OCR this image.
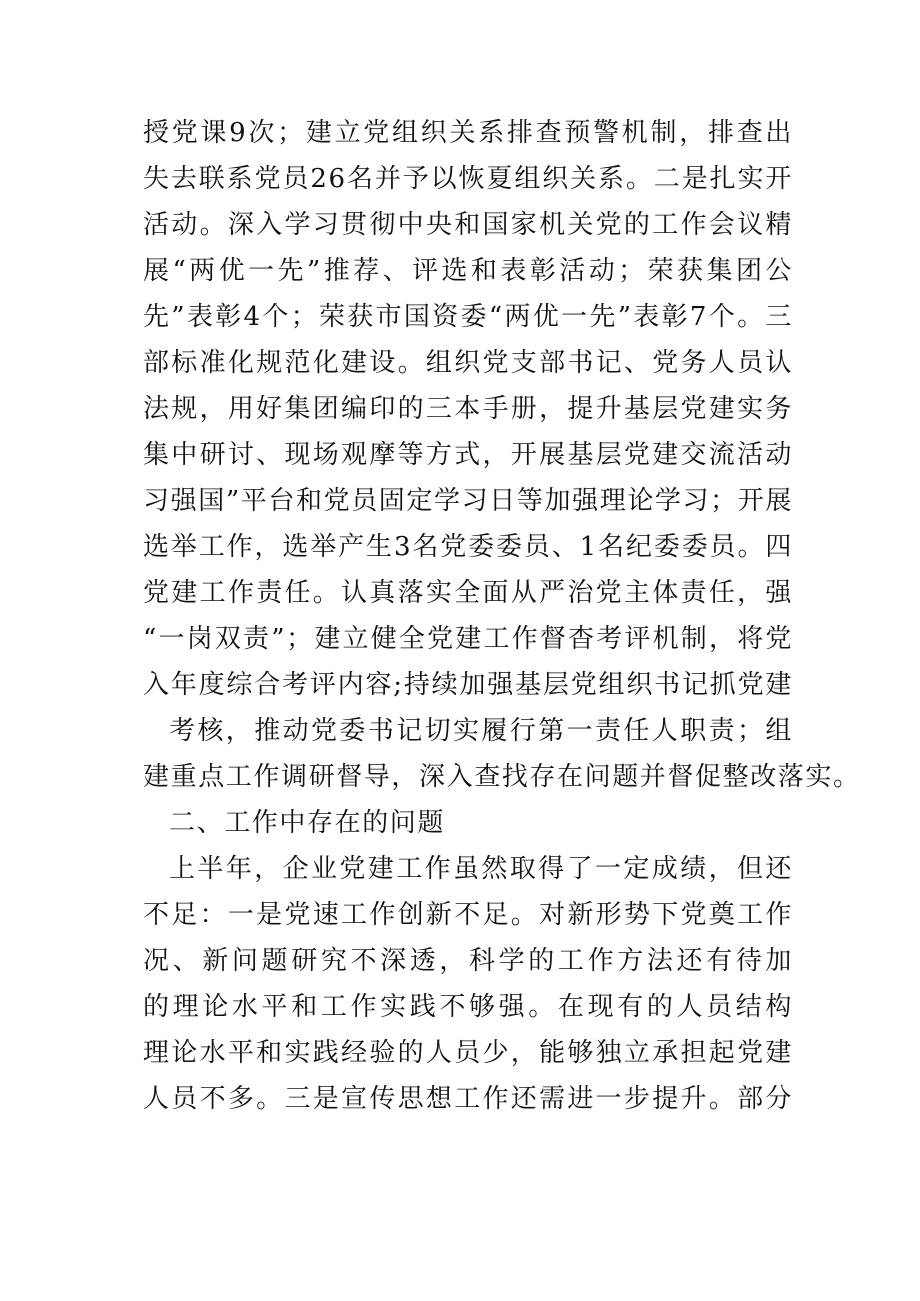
授党课9次；建立党组织关系排查预警机制，排查出
失去联系党员26名并予以恢夏组织关系。二是扎实开
活动。深入学习贯彻中央和国家机关党的工作会议精
展“两优一先”推荐、评选和表彰活动；荣获集团公
先”表彰4个；荣获市国资委“两优一先”表彰7个。三
部标准化规范化建设。组织党支部书记、党务人员认
法规，用好集团编印的三本手册，提升基层党建实务
集中研讨、现场观摩等方式，开展基层党建交流活动
习强国”平台和党员固定学习日等加强理论学习；开展
选举工作，选举产生3名党委委员、1名纪委委员。四
党建工作责任。认真落实全面从严治党主体责任，强
“一岗双责”；建立健全党建工作督杳考评机制，将党
入年度综合考评内容;持续加强基层党组织书记抓党建
考核，推动党委书记切实履行第一责任人职责；组
建重点工作调研督导，深入查找存在问题并督促整改落实。
二、工作中存在的问题
上半年，企业党建工作虽然取得了一定成绩，但还
不足：一是党速工作创新不足。对新形势下党奠工作
况、新问题研究不深透，科学的工作方法还有待加
的理论水平和工作实践不够强。在现有的人员结构
理论水平和实践经验的人员少，能够独立承担起党建
人员不多。三是宣传思想工作还需进一步提升。部分
